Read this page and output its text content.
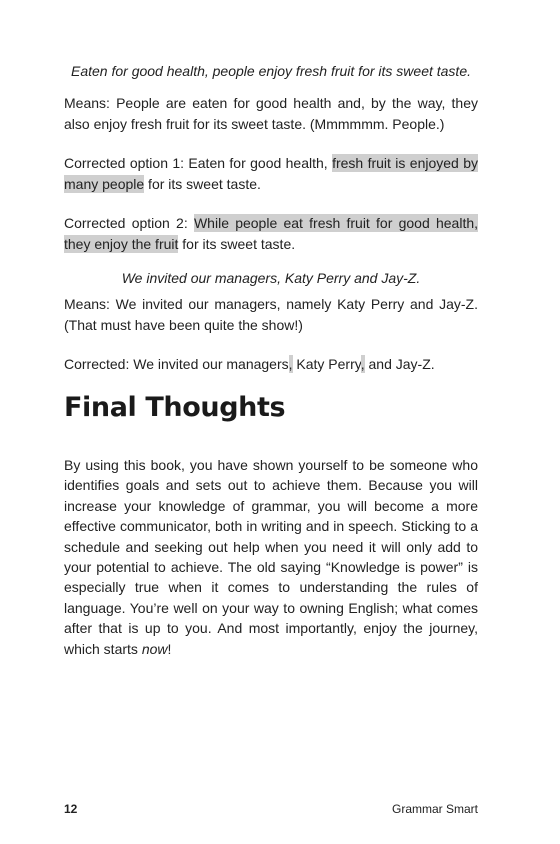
Eaten for good health, people enjoy fresh fruit for its sweet taste.

Means: People are eaten for good health and, by the way, they also enjoy fresh fruit for its sweet taste. (Mmmmmm. People.)

Corrected option 1: Eaten for good health, fresh fruit is enjoyed by many people for its sweet taste.

Corrected option 2: While people eat fresh fruit for good health, they enjoy the fruit for its sweet taste.

We invited our managers, Katy Perry and Jay-Z.

Means: We invited our managers, namely Katy Perry and Jay-Z. (That must have been quite the show!)

Corrected: We invited our managers, Katy Perry, and Jay-Z.

Final Thoughts

By using this book, you have shown yourself to be someone who identifies goals and sets out to achieve them. Because you will increase your knowledge of grammar, you will become a more effective communicator, both in writing and in speech. Sticking to a schedule and seeking out help when you need it will only add to your potential to achieve. The old saying “Knowledge is power” is especially true when it comes to understanding the rules of language. You’re well on your way to owning English; what comes after that is up to you. And most importantly, enjoy the journey, which starts now!

12	Grammar Smart
